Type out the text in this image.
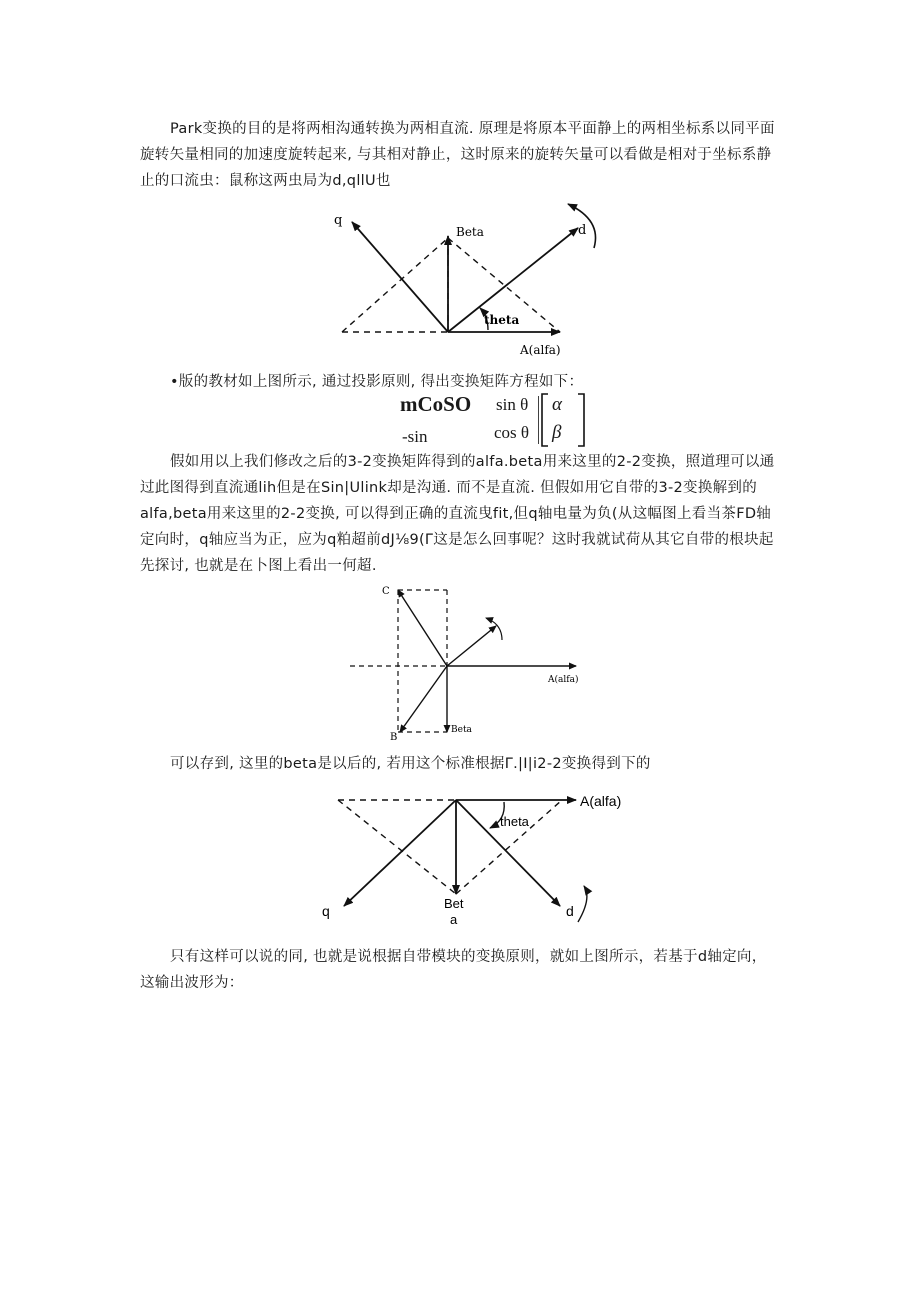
Park变换的目的是将两相沟通转换为两相直流. 原理是将原本平面静上的两相坐标系以同平面旋转矢量相同的加速度旋转起来, 与其相对静止，这时原来的旋转矢量可以看做是相对于坐标系静止的口流虫：鼠称这两虫局为d,qllU也

q
Beta	d
theta
A(alfa)
•版的教材如上图所示, 通过投影原则, 得出变换矩阵方程如下：
mCoSO
-sin
sin θ
cos θ
α
β

假如用以上我们修改之后的3-2变换矩阵得到的alfa.beta用来这里的2-2变换，照道理可以通过此图得到直流通lih但是在Sin|Ulink却是沟通. 而不是直流. 但假如用它自带的3-2变换解到的alfa,beta用来这里的2-2变换, 可以得到正确的直流曳fit,但q轴电量为负(从这幅图上看当茶FD轴定向时，q轴应当为正，应为q粕超前dJ⅛9(Γ这是怎么回事呢？这时我就试荷从其它自带的根块起先探讨, 也就是在卜图上看出一何超.

C
B
A(alfa)
Beta
可以存到, 这里的beta是以后的, 若用这个标准根据Γ.|I|i2-2变换得到下的
A(alfa)
theta
q	Bet
a
d

只有这样可以说的同, 也就是说根据自带模块的变换原则，就如上图所示，若基于d轴定向，这输出波形为：
